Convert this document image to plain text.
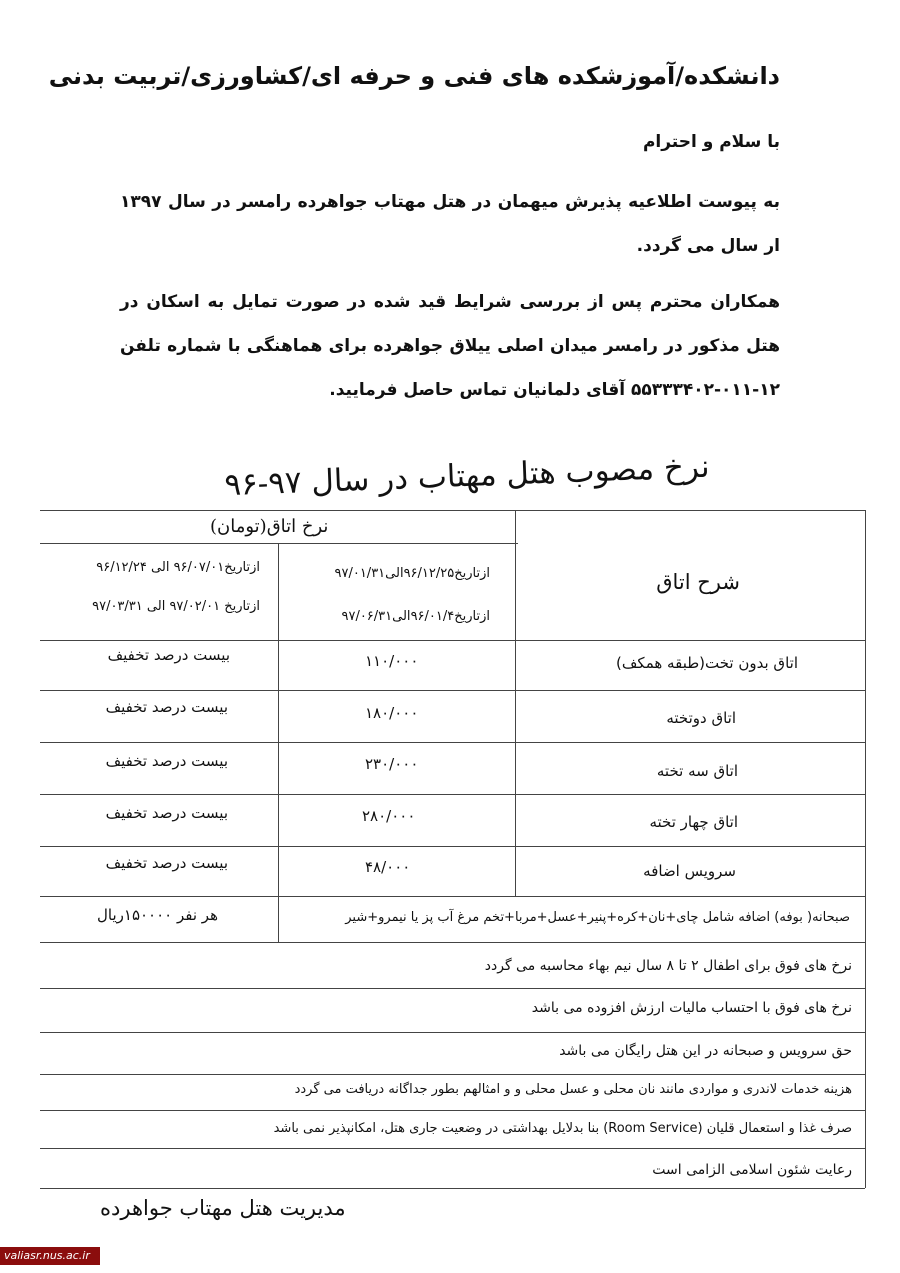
دانشکده/آموزشکده های فنی و حرفه ای/کشاورزی/تربیت بدنی
با سلام و احترام
به پیوست اطلاعیه پذیرش میهمان در هتل مهتاب جواهرده رامسر در سال ۱۳۹۷ ار سال می گردد.
همکاران محترم پس از بررسی شرایط قید شده در صورت تمایل به اسکان در هتل مذکور در رامسر میدان اصلی ییلاق جواهرده برای هماهنگی با شماره تلفن ۱۲-۰۱۱-۵۵۳۳۳۴۰۲ آقای دلمانیان تماس حاصل فرمایید.
نرخ مصوب هتل مهتاب در سال ۹۷-۹۶
شرح اتاق
نرخ اتاق(تومان)
ازتاریخ۹۶/۱۲/۲۵الی۹۷/۰۱/۳۱
ازتاریخ۹۶/۰۱/۴الی۹۷/۰۶/۳۱
ازتاریخ۹۶/۰۷/۰۱ الی ۹۶/۱۲/۲۴
ازتاریخ ۹۷/۰۲/۰۱ الی ۹۷/۰۳/۳۱
اتاق بدون تخت(طبقه همکف)
۱۱۰/۰۰۰
بیست درصد تخفیف
اتاق دوتخته
۱۸۰/۰۰۰
بیست درصد تخفیف
اتاق سه تخته
۲۳۰/۰۰۰
بیست درصد تخفیف
اتاق چهار تخته
۲۸۰/۰۰۰
بیست درصد تخفیف
سرویس اضافه
۴۸/۰۰۰
بیست درصد تخفیف
صبحانه( بوفه) اضافه شامل چای+نان+کره+پنیر+عسل+مربا+تخم مرغ آب پز یا نیمرو+شیر
هر نفر ۱۵۰۰۰۰ریال
نرخ های فوق برای اطفال ۲ تا ۸ سال نیم بهاء محاسبه می گردد
نرخ های فوق با احتساب مالیات ارزش افزوده می باشد
حق سرویس و صبحانه در این هتل رایگان می باشد
هزینه خدمات لاندری و مواردی مانند نان محلی و عسل محلی و و امثالهم بطور جداگانه دریافت می گردد
صرف غذا و استعمال قلیان (Room Service) بنا بدلایل بهداشتی در وضعیت جاری هتل، امکانپذیر نمی باشد
رعایت شئون اسلامی الزامی است
مدیریت هتل مهتاب جواهرده
valiasr.nus.ac.ir
